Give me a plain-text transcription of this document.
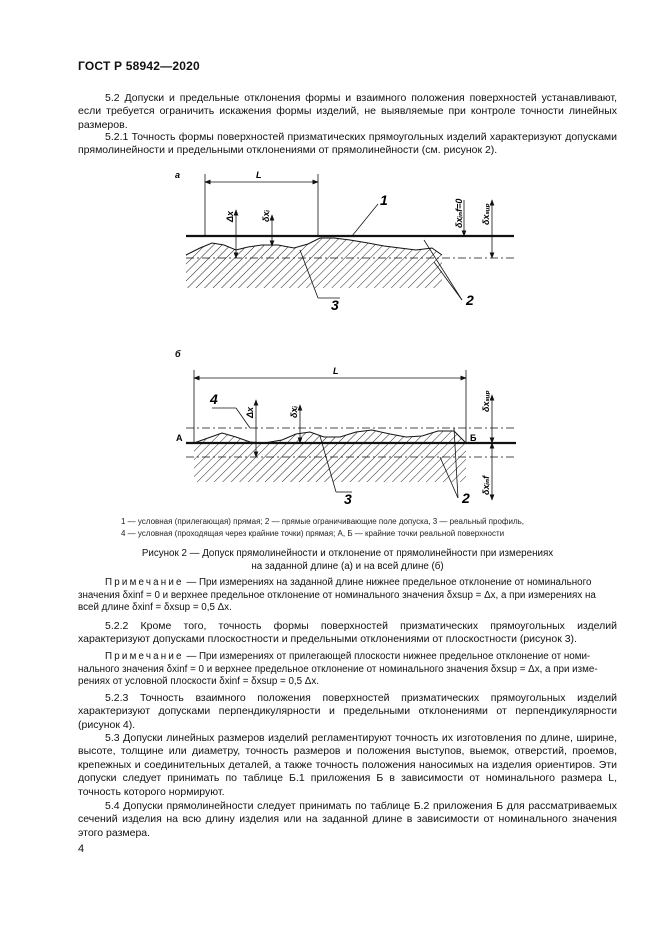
ГОСТ Р 58942—2020

5.2 Допуски и предельные отклонения формы и взаимного положения поверхностей устанавливают, если требуется ограничить искажения формы изделий, не выявляемые при контроле точности линейных размеров.

5.2.1 Точность формы поверхностей призматических прямоугольных изделий характеризуют допусками прямолинейности и предельными отклонениями от прямолинейности (см. рисунок 2).

а	L
Δx	δxᵢ	δxᵢₙf=0 δxₛᵤₚ
1
3	2
б
А	Б
L
Δx	δxᵢ	δxₛᵤₚ
δxᵢₙf
4
3	2
1 — условная (прилегающая) прямая; 2 — прямые ограничивающие поле допуска, 3 — реальный профиль,
4 — условная (проходящая через крайние точки) прямая; А, Б — крайние точки реальной поверхности
Рисунок 2 — Допуск прямолинейности и отклонение от прямолинейности при измерениях
на заданной длине (а) и на всей длине (б)
Примечание — При измерениях на заданной длине нижнее предельное отклонение от номинального
значения δxinf = 0 и верхнее предельное отклонение от номинального значения δxsup = Δx, а при измерениях на
всей длине δxinf = δxsup = 0,5 Δx.

5.2.2 Кроме того, точность формы поверхностей призматических прямоугольных изделий характеризуют допусками плоскостности и предельными отклонениями от плоскостности (рисунок 3).

Примечание — При измерениях от прилегающей плоскости нижнее предельное отклонение от номи-
нального значения δxinf = 0 и верхнее предельное отклонение от номинального значения δxsup = Δx, а при изме-
рениях от условной плоскости δxinf = δxsup = 0,5 Δx.

5.2.3 Точность взаимного положения поверхностей призматических прямоугольных изделий характеризуют допусками перпендикулярности и предельными отклонениями от перпендикулярности (рисунок 4).

5.3 Допуски линейных размеров изделий регламентируют точность их изготовления по длине, ширине, высоте, толщине или диаметру, точность размеров и положения выступов, выемок, отверстий, проемов, крепежных и соединительных деталей, а также точность положения наносимых на изделия ориентиров. Эти допуски следует принимать по таблице Б.1 приложения Б в зависимости от номинального размера L, точность которого нормируют.

5.4 Допуски прямолинейности следует принимать по таблице Б.2 приложения Б для рассматриваемых сечений изделия на всю длину изделия или на заданной длине в зависимости от номинального значения этого размера.

4
